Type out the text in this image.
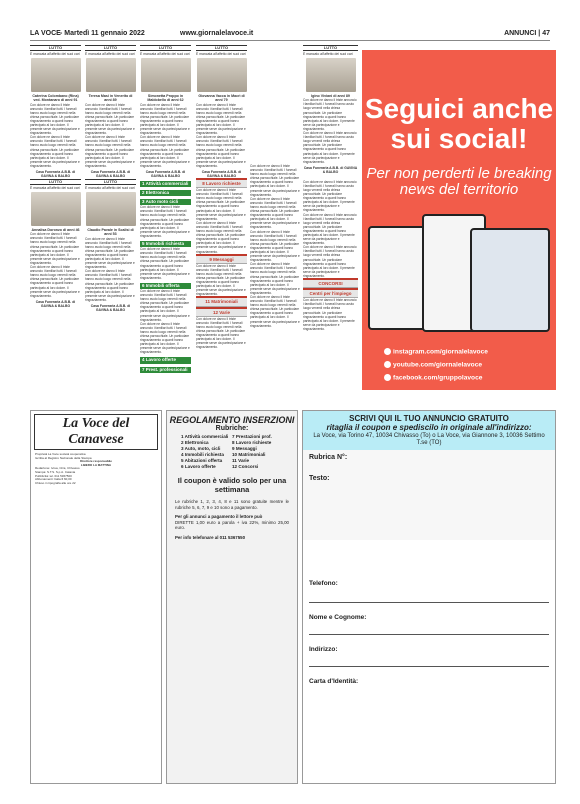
LA VOCE - Martedì 11 gennaio 2022	www.giornalelavoce.it	ANNUNCI | 47
LUTTO
È mancata all'affetto dei suoi cari
Caterina Colombano (Rina) ved. Montanaro di anni 91
Con dolore ne danno il triste annuncio i familiari tutti. I funerali hanno avuto luogo venerdì nella chiesa parrocchiale. Un particolare ringraziamento a quanti hanno partecipato al loro dolore. Il presente serve da partecipazione e ringraziamento.
Con dolore ne danno il triste annuncio i familiari tutti. I funerali hanno avuto luogo venerdì nella chiesa parrocchiale. Un particolare ringraziamento a quanti hanno partecipato al loro dolore. Il presente serve da partecipazione e ringraziamento.
Casa Funeraria A.B.B. di GAVINA & BALBO
LUTTO
È mancata all'affetto dei suoi cari
Annalisa Doronzo di anni 46
Con dolore ne danno il triste annuncio i familiari tutti. I funerali hanno avuto luogo venerdì nella chiesa parrocchiale. Un particolare ringraziamento a quanti hanno partecipato al loro dolore. Il presente serve da partecipazione e ringraziamento.
Con dolore ne danno il triste annuncio i familiari tutti. I funerali hanno avuto luogo venerdì nella chiesa parrocchiale. Un particolare ringraziamento a quanti hanno partecipato al loro dolore. Il presente serve da partecipazione e ringraziamento.
Casa Funeraria A.B.B. di GAVINA & BALBO
LUTTO
È mancata all'affetto dei suoi cari
Teresa Masi in Venerito di anni 89
Con dolore ne danno il triste annuncio i familiari tutti. I funerali hanno avuto luogo venerdì nella chiesa parrocchiale. Un particolare ringraziamento a quanti hanno partecipato al loro dolore. Il presente serve da partecipazione e ringraziamento.
Con dolore ne danno il triste annuncio i familiari tutti. I funerali hanno avuto luogo venerdì nella chiesa parrocchiale. Un particolare ringraziamento a quanti hanno partecipato al loro dolore. Il presente serve da partecipazione e ringraziamento.
Casa Funeraria A.B.B. di GAVINA & BALBO
LUTTO
È mancato all'affetto dei suoi cari
Claudio Pavale in Scalisi di anni 53
Con dolore ne danno il triste annuncio i familiari tutti. I funerali hanno avuto luogo venerdì nella chiesa parrocchiale. Un particolare ringraziamento a quanti hanno partecipato al loro dolore. Il presente serve da partecipazione e ringraziamento.
Con dolore ne danno il triste annuncio i familiari tutti. I funerali hanno avuto luogo venerdì nella chiesa parrocchiale. Un particolare ringraziamento a quanti hanno partecipato al loro dolore. Il presente serve da partecipazione e ringraziamento.
Casa Funeraria A.B.B. di GAVINA & BALBO
LUTTO
È mancata all'affetto dei suoi cari
Simonetta Proppo in Maldobello di anni 62
Con dolore ne danno il triste annuncio i familiari tutti. I funerali hanno avuto luogo venerdì nella chiesa parrocchiale. Un particolare ringraziamento a quanti hanno partecipato al loro dolore. Il presente serve da partecipazione e ringraziamento.
Con dolore ne danno il triste annuncio i familiari tutti. I funerali hanno avuto luogo venerdì nella chiesa parrocchiale. Un particolare ringraziamento a quanti hanno partecipato al loro dolore. Il presente serve da partecipazione e ringraziamento.
Casa Funeraria A.B.B. di GAVINA & BALBO
1 Attività commerciali
2 Elettronica
3 Auto moto cicli
Con dolore ne danno il triste annuncio i familiari tutti. I funerali hanno avuto luogo venerdì nella chiesa parrocchiale. Un particolare ringraziamento a quanti hanno partecipato al loro dolore. Il presente serve da partecipazione e ringraziamento.
5 Immobili richiesta
Con dolore ne danno il triste annuncio i familiari tutti. I funerali hanno avuto luogo venerdì nella chiesa parrocchiale. Un particolare ringraziamento a quanti hanno partecipato al loro dolore. Il presente serve da partecipazione e ringraziamento.
6 Immobili offerta
Con dolore ne danno il triste annuncio i familiari tutti. I funerali hanno avuto luogo venerdì nella chiesa parrocchiale. Un particolare ringraziamento a quanti hanno partecipato al loro dolore. Il presente serve da partecipazione e ringraziamento.
Con dolore ne danno il triste annuncio i familiari tutti. I funerali hanno avuto luogo venerdì nella chiesa parrocchiale. Un particolare ringraziamento a quanti hanno partecipato al loro dolore. Il presente serve da partecipazione e ringraziamento.
4 Lavoro offerte
7 Prest. professionali
LUTTO
È mancata all'affetto dei suoi cari
Giovanna Vacca in Macrì di anni 79
Con dolore ne danno il triste annuncio i familiari tutti. I funerali hanno avuto luogo venerdì nella chiesa parrocchiale. Un particolare ringraziamento a quanti hanno partecipato al loro dolore. Il presente serve da partecipazione e ringraziamento.
Con dolore ne danno il triste annuncio i familiari tutti. I funerali hanno avuto luogo venerdì nella chiesa parrocchiale. Un particolare ringraziamento a quanti hanno partecipato al loro dolore. Il presente serve da partecipazione e ringraziamento.
Casa Funeraria A.B.B. di GAVINA & BALBO
8 Lavoro richieste
Con dolore ne danno il triste annuncio i familiari tutti. I funerali hanno avuto luogo venerdì nella chiesa parrocchiale. Un particolare ringraziamento a quanti hanno partecipato al loro dolore. Il presente serve da partecipazione e ringraziamento.
Con dolore ne danno il triste annuncio i familiari tutti. I funerali hanno avuto luogo venerdì nella chiesa parrocchiale. Un particolare ringraziamento a quanti hanno partecipato al loro dolore. Il presente serve da partecipazione e ringraziamento.
9 Messaggi
Con dolore ne danno il triste annuncio i familiari tutti. I funerali hanno avuto luogo venerdì nella chiesa parrocchiale. Un particolare ringraziamento a quanti hanno partecipato al loro dolore. Il presente serve da partecipazione e ringraziamento.
11 Matrimoniali
12 Varie
Con dolore ne danno il triste annuncio i familiari tutti. I funerali hanno avuto luogo venerdì nella chiesa parrocchiale. Un particolare ringraziamento a quanti hanno partecipato al loro dolore. Il presente serve da partecipazione e ringraziamento.
LUTTO
È mancato all'affetto dei suoi cari
Igino Viviani di anni 89
Con dolore ne danno il triste annuncio i familiari tutti. I funerali hanno avuto luogo venerdì nella chiesa parrocchiale. Un particolare ringraziamento a quanti hanno partecipato al loro dolore. Il presente serve da partecipazione e ringraziamento.
Con dolore ne danno il triste annuncio i familiari tutti. I funerali hanno avuto luogo venerdì nella chiesa parrocchiale. Un particolare ringraziamento a quanti hanno partecipato al loro dolore. Il presente serve da partecipazione e ringraziamento.
Casa Funeraria A.B.B. di GAVINA & BALBO
Con dolore ne danno il triste annuncio i familiari tutti. I funerali hanno avuto luogo venerdì nella chiesa parrocchiale. Un particolare ringraziamento a quanti hanno partecipato al loro dolore. Il presente serve da partecipazione e ringraziamento.
Con dolore ne danno il triste annuncio i familiari tutti. I funerali hanno avuto luogo venerdì nella chiesa parrocchiale. Un particolare ringraziamento a quanti hanno partecipato al loro dolore. Il presente serve da partecipazione e ringraziamento.
Con dolore ne danno il triste annuncio i familiari tutti. I funerali hanno avuto luogo venerdì nella chiesa parrocchiale. Un particolare ringraziamento a quanti hanno partecipato al loro dolore. Il presente serve da partecipazione e ringraziamento.
CONCORSI
Centri per l'impiego
Con dolore ne danno il triste annuncio i familiari tutti. I funerali hanno avuto luogo venerdì nella chiesa parrocchiale. Un particolare ringraziamento a quanti hanno partecipato al loro dolore. Il presente serve da partecipazione e ringraziamento.
Con dolore ne danno il triste annuncio i familiari tutti. I funerali hanno avuto luogo venerdì nella chiesa parrocchiale. Un particolare ringraziamento a quanti hanno partecipato al loro dolore. Il presente serve da partecipazione e ringraziamento.
Con dolore ne danno il triste annuncio i familiari tutti. I funerali hanno avuto luogo venerdì nella chiesa parrocchiale. Un particolare ringraziamento a quanti hanno partecipato al loro dolore. Il presente serve da partecipazione e ringraziamento.
Con dolore ne danno il triste annuncio i familiari tutti. I funerali hanno avuto luogo venerdì nella chiesa parrocchiale. Un particolare ringraziamento a quanti hanno partecipato al loro dolore. Il presente serve da partecipazione e ringraziamento.
Con dolore ne danno il triste annuncio i familiari tutti. I funerali hanno avuto luogo venerdì nella chiesa parrocchiale. Un particolare ringraziamento a quanti hanno partecipato al loro dolore. Il presente serve da partecipazione e ringraziamento.
Con dolore ne danno il triste annuncio i familiari tutti. I funerali hanno avuto luogo venerdì nella chiesa parrocchiale. Un particolare ringraziamento a quanti hanno partecipato al loro dolore. Il presente serve da partecipazione e ringraziamento.
Seguici anche sui social!
Per non perderti le breaking news del territorio
instagram.com/giornalelavoce
youtube.com/giornalelavoce
facebook.com/gruppolavoce
La Voce del Canavese
Proprietà La Voce società cooperativa
Iscritta al Registro Nazionale della Stampa
Direttore responsabile
LIBERO LA MATTINA
Redazione: Ivrea, Ciriè, Chivasso
Stampa: S.T.S. S.p.A. Catania
Pubblicità: tel. 011 5367500
Abbonamenti: Italia € 60,00
Chiuso in tipografia alle ore 22
REGOLAMENTO INSERZIONI
Rubriche:
1 Attività commerciali 7 Prestazioni prof.
2 Elettronica	8 Lavoro richieste
3 Auto, moto, cicli	9 Messaggi
4 Immobili richiesta	10 Matrimoniali
5 Abitazioni offerta	11 Varie
6 Lavoro offerte	12 Concorsi
Il coupon è valido solo per una settimana
Le rubriche 1, 2, 3, 4, 8 e 11 sono gratuite mentre le rubriche 5, 6, 7, 9 e 10 sono a pagamento.
Per gli annunci a pagamento il lettore può
DIRETTE 1,00 euro a parola + iva 22%, minimo 25,00 euro.
Per info telefonare al 011 5367550
SCRIVI QUI IL TUO ANNUNCIO GRATUITO
ritaglia il coupon e spediscilo in originale all'indirizzo:
La Voce, via Torino 47, 10034 Chivasso (To) o La Voce, via Giannone 3, 10036 Settimo T.se (TO)
Rubrica N°:
Testo:
Telefono:
Nome e Cognome:
Indirizzo:
Carta d'Identità:
